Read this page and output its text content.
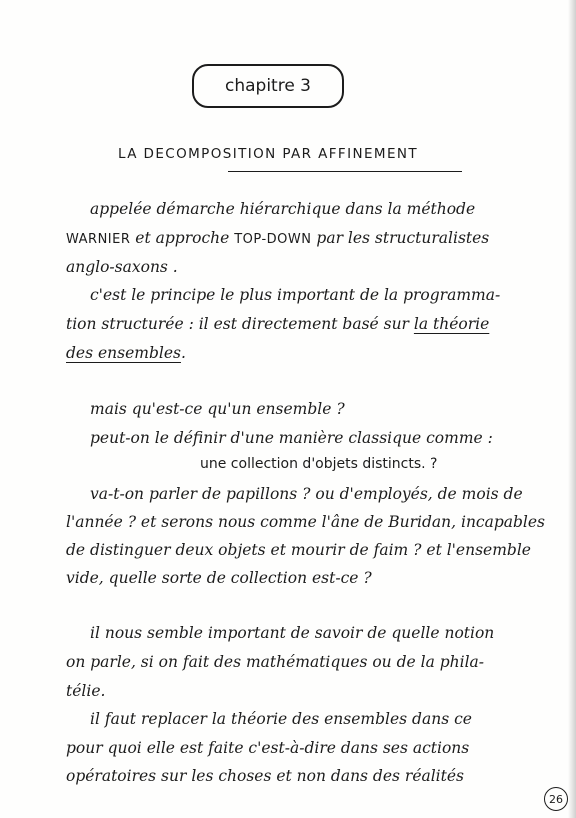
chapitre 3
LA DECOMPOSITION PAR AFFINEMENT
appelée démarche hiérarchique dans la méthode
WARNIER et approche TOP-DOWN par les structuralistes
anglo-saxons .
c'est le principe le plus important de la programma-
tion structurée : il est directement basé sur la théorie
des ensembles.
mais qu'est-ce qu'un ensemble ?
peut-on le définir d'une manière classique comme :
une collection d'objets distincts. ?
va-t-on parler de papillons ? ou d'employés, de mois de
l'année ? et serons nous comme l'âne de Buridan, incapables
de distinguer deux objets et mourir de faim ? et l'ensemble
vide, quelle sorte de collection est-ce ?
il nous semble important de savoir de quelle notion
on parle, si on fait des mathématiques ou de la phila-
télie.
il faut replacer la théorie des ensembles dans ce
pour quoi elle est faite c'est-à-dire dans ses actions
opératoires sur les choses et non dans des réalités
26
